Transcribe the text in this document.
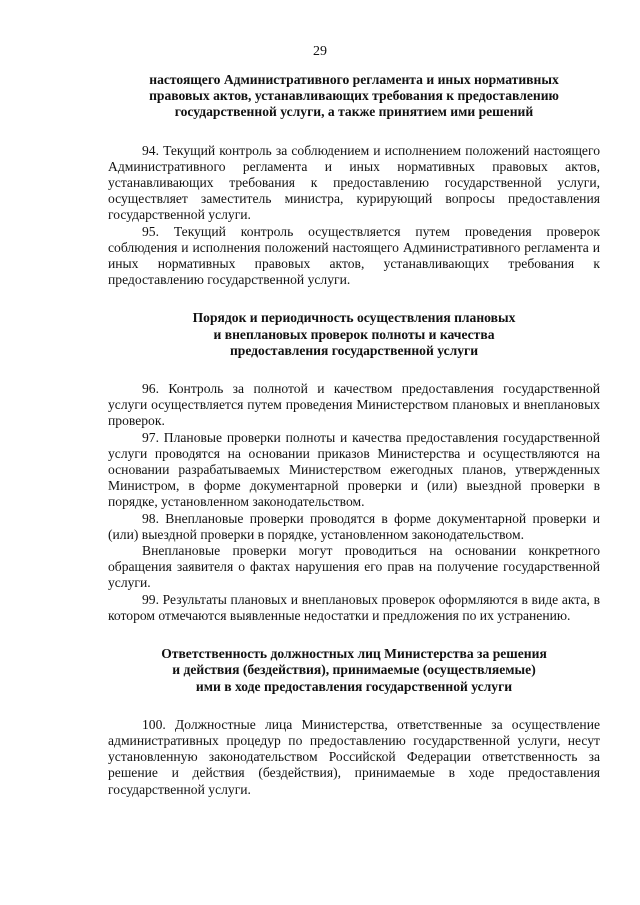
29
настоящего Административного регламента и иных нормативных
правовых актов, устанавливающих требования к предоставлению
государственной услуги, а также принятием ими решений

94. Текущий контроль за соблюдением и исполнением положений настоящего Административного регламента и иных нормативных правовых актов, устанавливающих требования к предоставлению государственной услуги, осуществляет заместитель министра, курирующий вопросы предоставления государственной услуги.

95. Текущий контроль осуществляется путем проведения проверок соблюдения и исполнения положений настоящего Административного регламента и иных нормативных правовых актов, устанавливающих требования к предоставлению государственной услуги.

Порядок и периодичность осуществления плановых
и внеплановых проверок полноты и качества
предоставления государственной услуги

96. Контроль за полнотой и качеством предоставления государственной услуги осуществляется путем проведения Министерством плановых и внеплановых проверок.

97. Плановые проверки полноты и качества предоставления государственной услуги проводятся на основании приказов Министерства и осуществляются на основании разрабатываемых Министерством ежегодных планов, утвержденных Министром, в форме документарной проверки и (или) выездной проверки в порядке, установленном законодательством.

98. Внеплановые проверки проводятся в форме документарной проверки и (или) выездной проверки в порядке, установленном законодательством.

Внеплановые проверки могут проводиться на основании конкретного обращения заявителя о фактах нарушения его прав на получение государственной услуги.

99. Результаты плановых и внеплановых проверок оформляются в виде акта, в котором отмечаются выявленные недостатки и предложения по их устранению.

Ответственность должностных лиц Министерства за решения
и действия (бездействия), принимаемые (осуществляемые)
ими в ходе предоставления государственной услуги

100. Должностные лица Министерства, ответственные за осуществление административных процедур по предоставлению государственной услуги, несут установленную законодательством Российской Федерации ответственность за решение и действия (бездействия), принимаемые в ходе предоставления государственной услуги.
